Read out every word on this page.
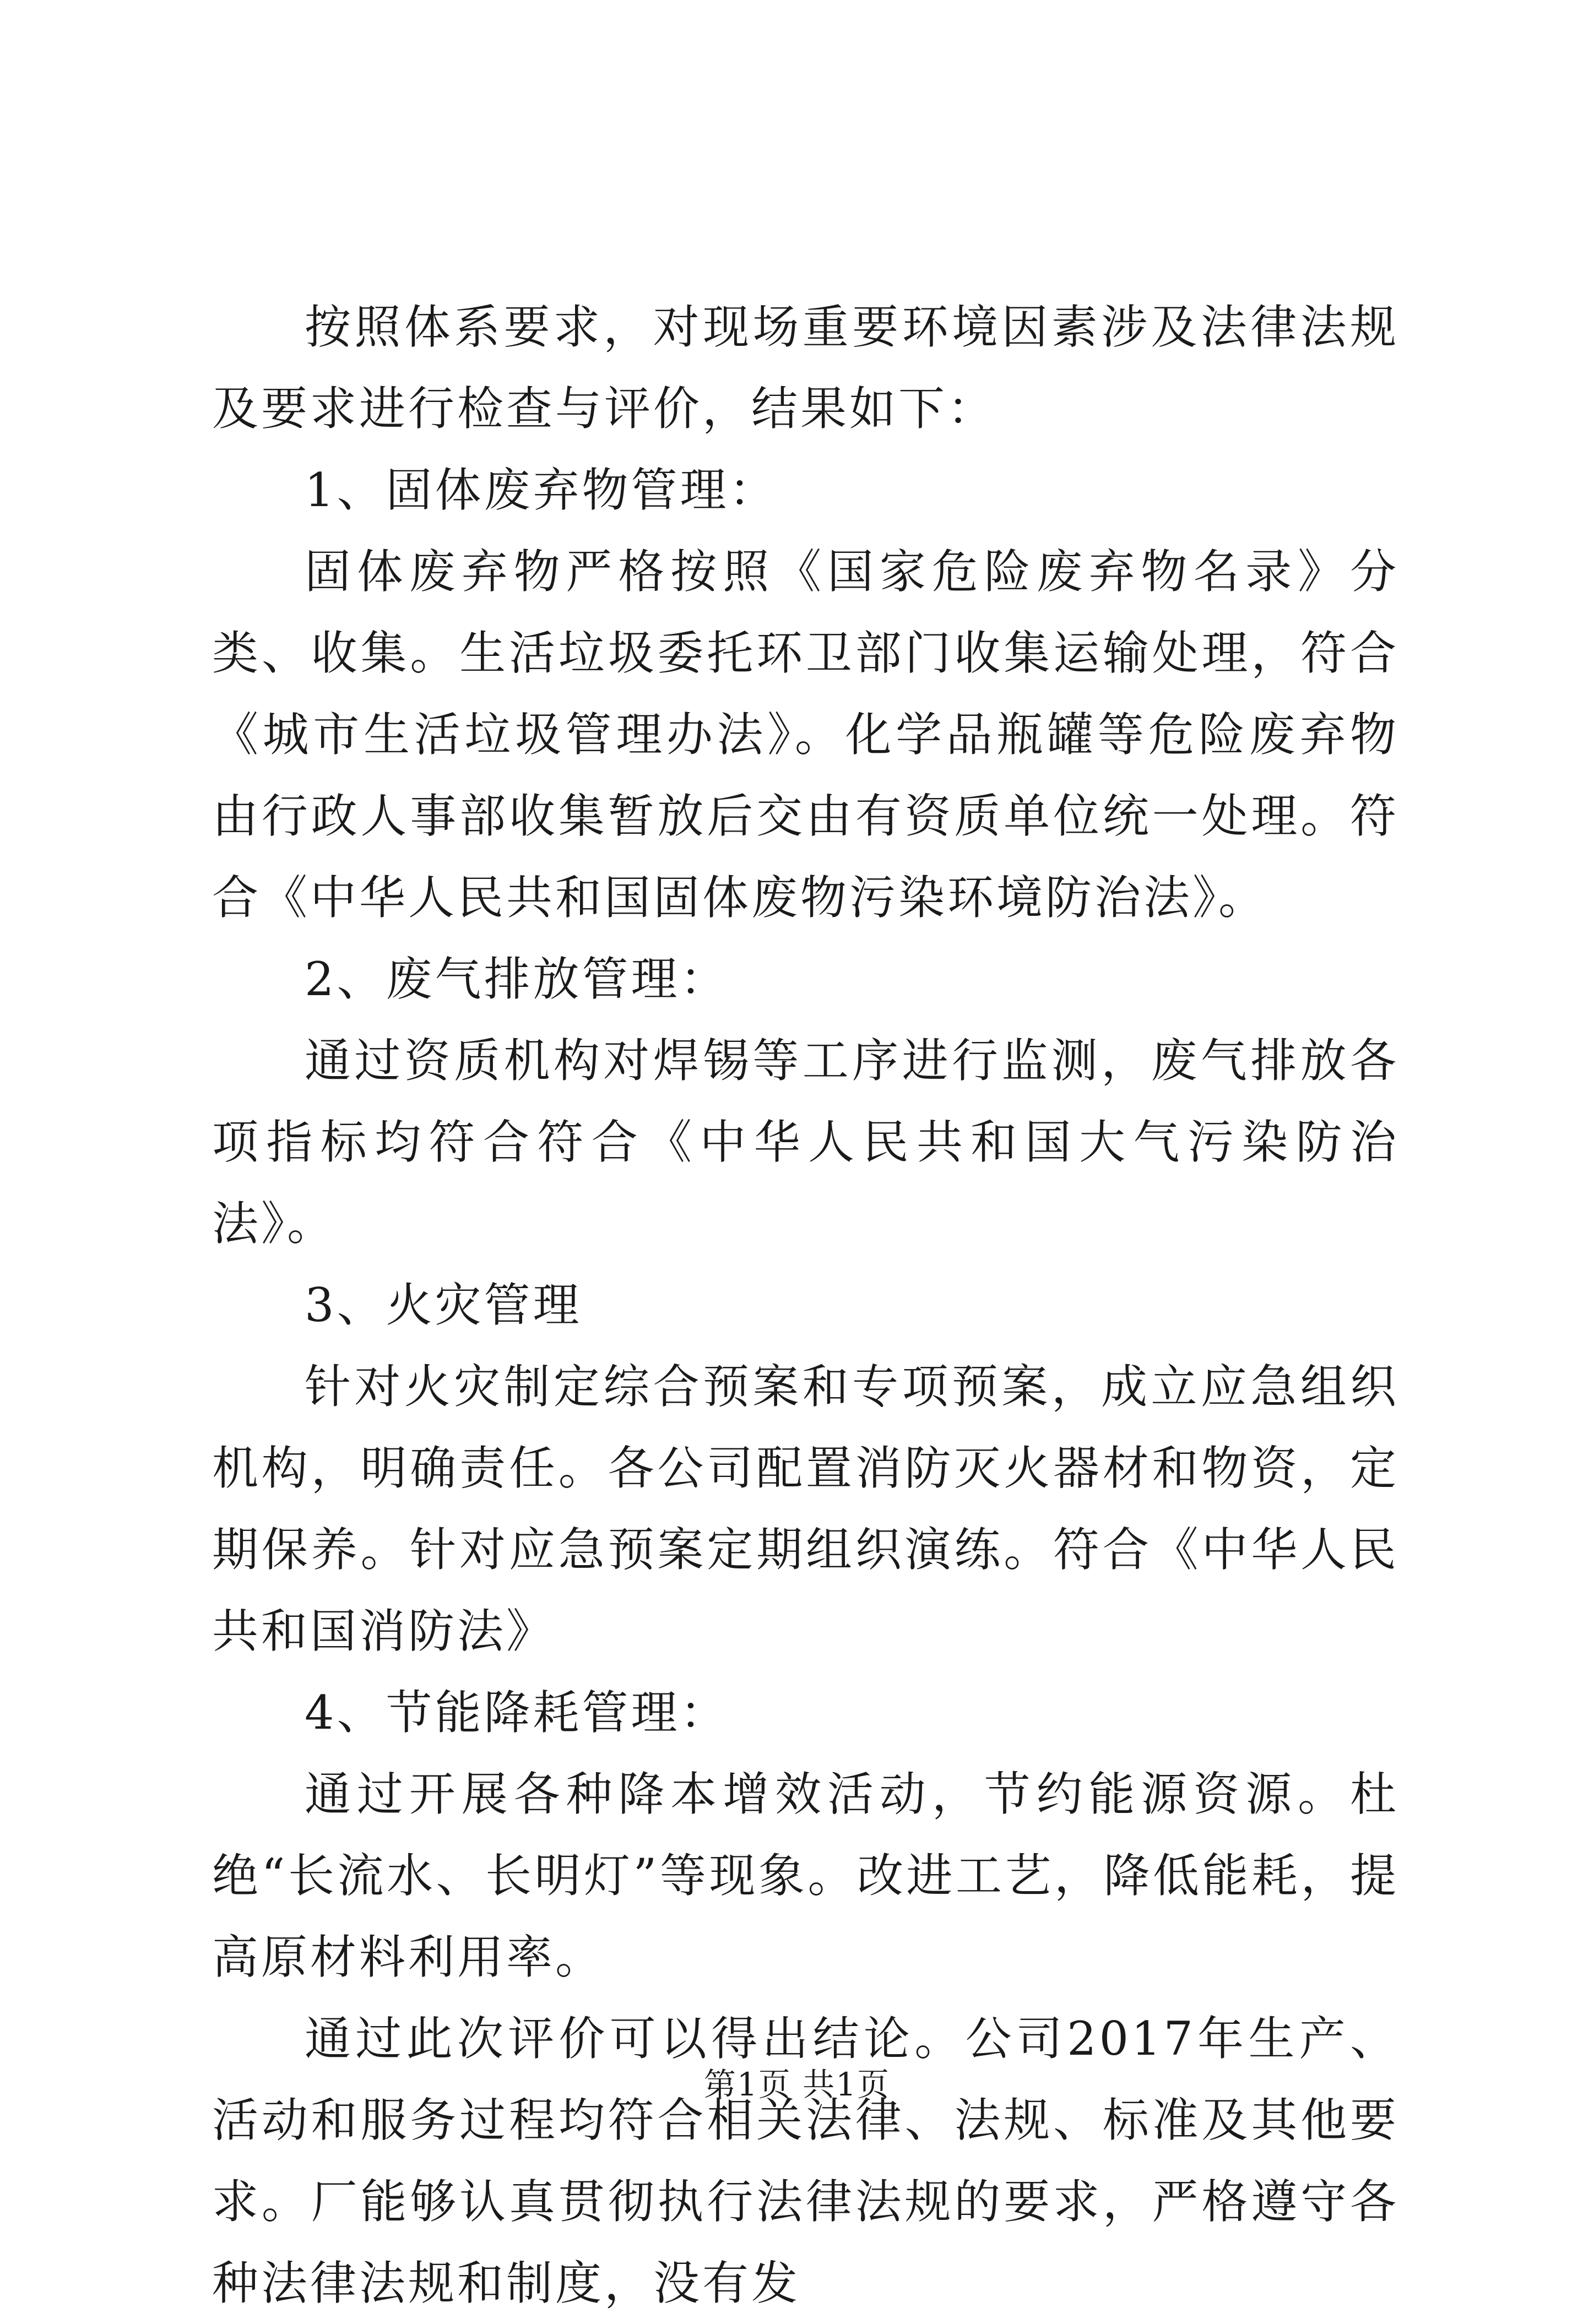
按照体系要求，对现场重要环境因素涉及法律法规及要求进行检查与评价，结果如下：

1、固体废弃物管理：

固体废弃物严格按照《国家危险废弃物名录》分类、收集。生活垃圾委托环卫部门收集运输处理，符合《城市生活垃圾管理办法》。化学品瓶罐等危险废弃物由行政人事部收集暂放后交由有资质单位统一处理。符合《中华人民共和国固体废物污染环境防治法》。

2、废气排放管理：

通过资质机构对焊锡等工序进行监测，废气排放各项指标均符合符合《中华人民共和国大气污染防治法》。

3、火灾管理

针对火灾制定综合预案和专项预案，成立应急组织机构，明确责任。各公司配置消防灭火器材和物资，定期保养。针对应急预案定期组织演练。符合《中华人民共和国消防法》

4、节能降耗管理：

通过开展各种降本增效活动，节约能源资源。杜绝“长流水、长明灯”等现象。改进工艺，降低能耗，提高原材料利用率。

通过此次评价可以得出结论。公司2017年生产、活动和服务过程均符合相关法律、法规、标准及其他要求。厂能够认真贯彻执行法律法规的要求，严格遵守各种法律法规和制度，没有发

第1页 共1页
